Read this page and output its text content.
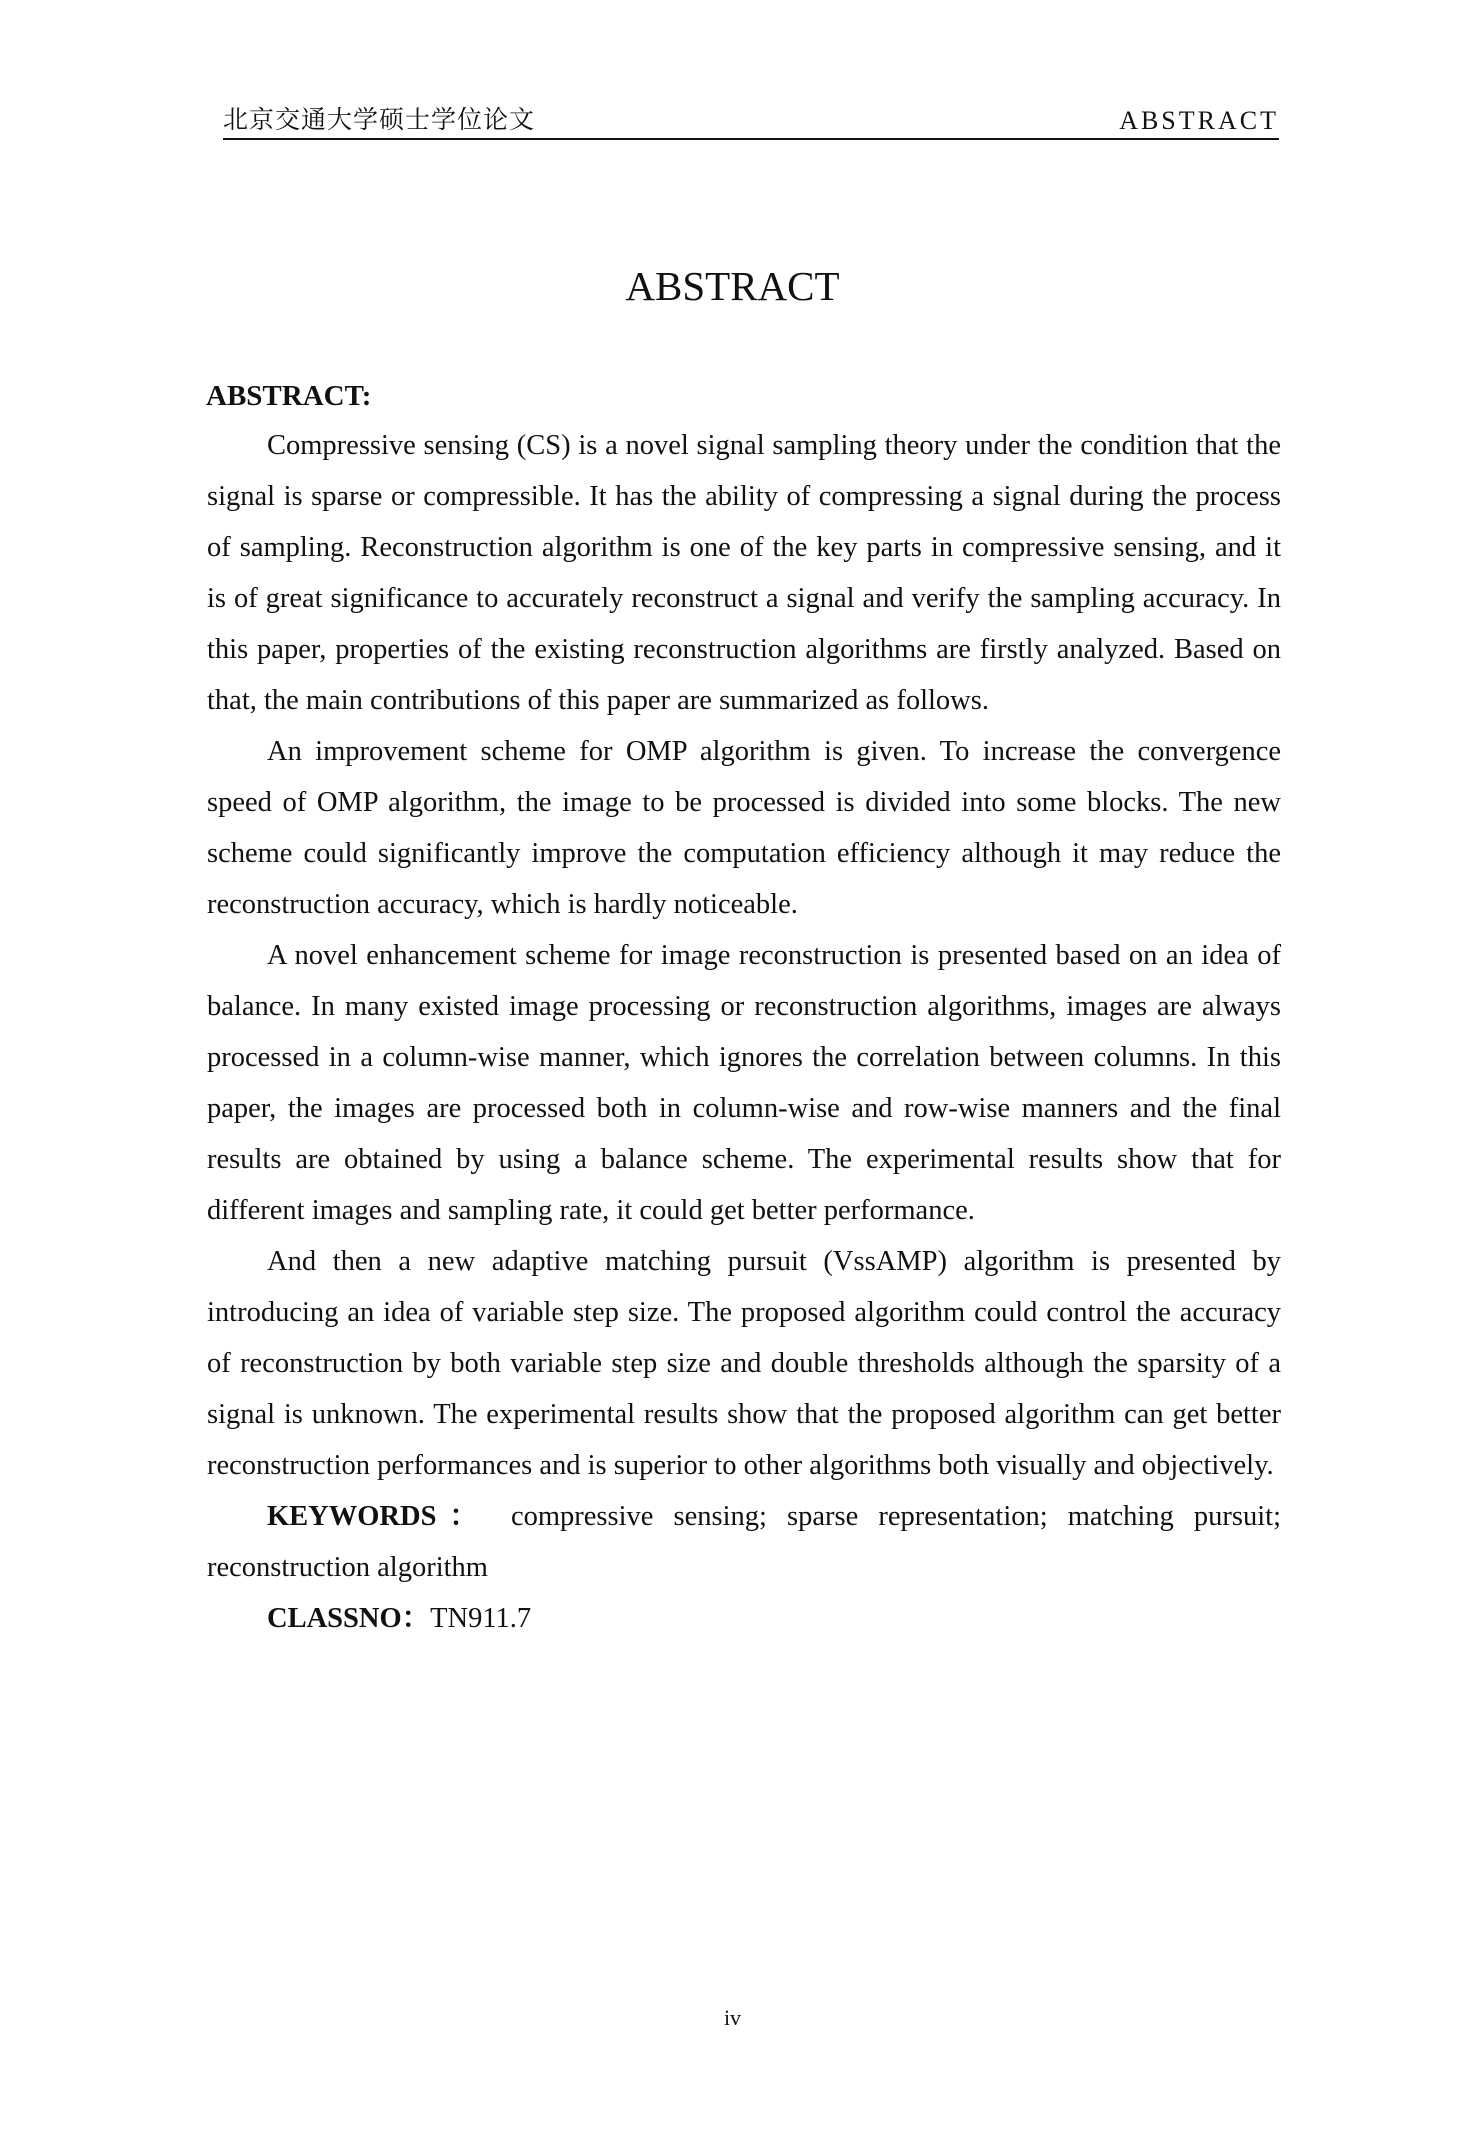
北京交通大学硕士学位论文	ABSTRACT
ABSTRACT
ABSTRACT:

Compressive sensing (CS) is a novel signal sampling theory under the condition that the signal is sparse or compressible. It has the ability of compressing a signal during the process of sampling. Reconstruction algorithm is one of the key parts in compressive sensing, and it is of great significance to accurately reconstruct a signal and verify the sampling accuracy. In this paper, properties of the existing reconstruction algorithms are firstly analyzed. Based on that, the main contributions of this paper are summarized as follows.

An improvement scheme for OMP algorithm is given. To increase the convergence speed of OMP algorithm, the image to be processed is divided into some blocks. The new scheme could significantly improve the computation efficiency although it may reduce the reconstruction accuracy, which is hardly noticeable.

A novel enhancement scheme for image reconstruction is presented based on an idea of balance. In many existed image processing or reconstruction algorithms, images are always processed in a column-wise manner, which ignores the correlation between columns. In this paper, the images are processed both in column-wise and row-wise manners and the final results are obtained by using a balance scheme. The experimental results show that for different images and sampling rate, it could get better performance.

And then a new adaptive matching pursuit (VssAMP) algorithm is presented by introducing an idea of variable step size. The proposed algorithm could control the accuracy of reconstruction by both variable step size and double thresholds although the sparsity of a signal is unknown. The experimental results show that the proposed algorithm can get better reconstruction performances and is superior to other algorithms both visually and objectively.

KEYWORDS： compressive sensing; sparse representation; matching pursuit; reconstruction algorithm

CLASSNO：TN911.7

iv
